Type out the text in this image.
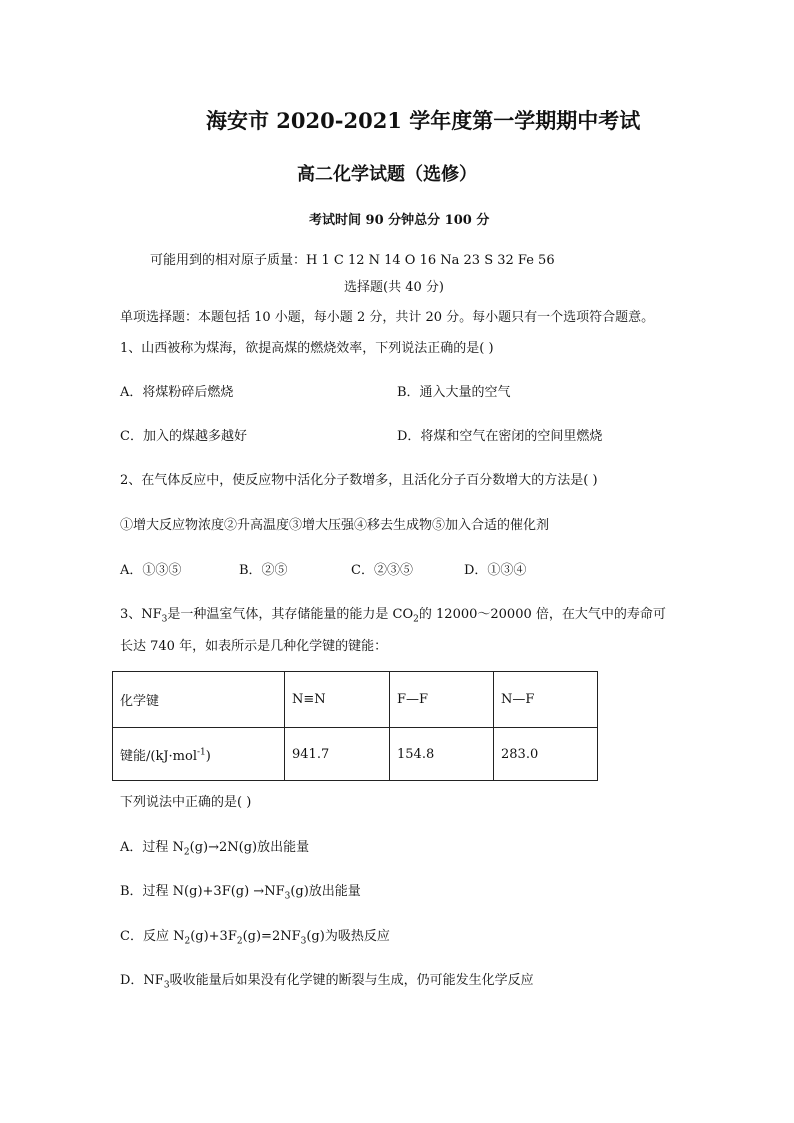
海安市 2020-2021 学年度第一学期期中考试
高二化学试题（选修）
考试时间 90 分钟总分 100 分
可能用到的相对原子质量：H 1 C 12 N 14 O 16 Na 23 S 32 Fe 56
选择题(共 40 分)
单项选择题：本题包括 10 小题，每小题 2 分，共计 20 分。每小题只有一个选项符合题意。
1、山西被称为煤海，欲提高煤的燃烧效率，下列说法正确的是( )
A．将煤粉碎后燃烧	B．通入大量的空气
C．加入的煤越多越好	D．将煤和空气在密闭的空间里燃烧
2、在气体反应中，使反应物中活化分子数增多，且活化分子百分数增大的方法是( )
①增大反应物浓度②升高温度③增大压强④移去生成物⑤加入合适的催化剂
A．①③⑤	B．②⑤	C．②③⑤	D．①③④
3、$NF_3$是一种温室气体，其存储能量的能力是 $CO_2$的 12000～20000 倍，在大气中的寿命可
长达 740 年，如表所示是几种化学键的键能：
化学键	N≡N	F—F	N—F
键能/(kJ·mol$^{-1}$)	941.7	154.8	283.0
下列说法中正确的是( )
A．过程 $N_2(g)\to 2N(g)$放出能量
B．过程 $N(g)+3F(g) \to NF_3(g)$放出能量
C．反应 $N_2(g)+3F_2(g)=2NF_3(g)$为吸热反应
D．$NF_3$吸收能量后如果没有化学键的断裂与生成，仍可能发生化学反应
